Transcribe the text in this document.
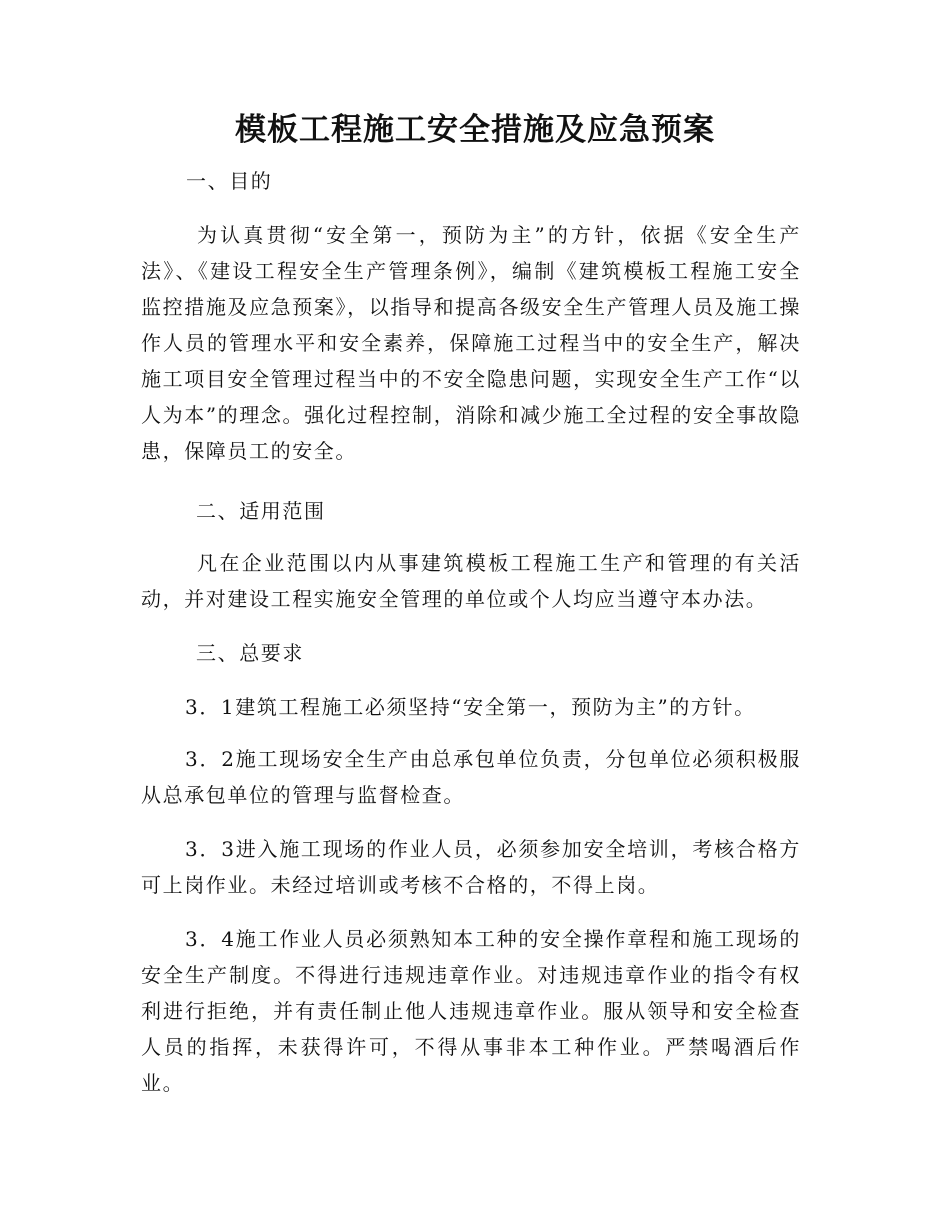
模板工程施工安全措施及应急预案
一、目的
为认真贯彻“安全第一，预防为主”的方针，依据《安全生产法》、《建设工程安全生产管理条例》，编制《建筑模板工程施工安全监控措施及应急预案》，以指导和提高各级安全生产管理人员及施工操作人员的管理水平和安全素养，保障施工过程当中的安全生产，解决施工项目安全管理过程当中的不安全隐患问题，实现安全生产工作“以人为本”的理念。强化过程控制，消除和减少施工全过程的安全事故隐患，保障员工的安全。
二、适用范围
凡在企业范围以内从事建筑模板工程施工生产和管理的有关活动，并对建设工程实施安全管理的单位或个人均应当遵守本办法。
三、总要求
3．1建筑工程施工必须坚持“安全第一，预防为主”的方针。
3．2施工现场安全生产由总承包单位负责，分包单位必须积极服从总承包单位的管理与监督检查。
3．3进入施工现场的作业人员，必须参加安全培训，考核合格方可上岗作业。未经过培训或考核不合格的，不得上岗。
3．4施工作业人员必须熟知本工种的安全操作章程和施工现场的安全生产制度。不得进行违规违章作业。对违规违章作业的指令有权利进行拒绝，并有责任制止他人违规违章作业。服从领导和安全检查人员的指挥，未获得许可，不得从事非本工种作业。严禁喝酒后作业。
